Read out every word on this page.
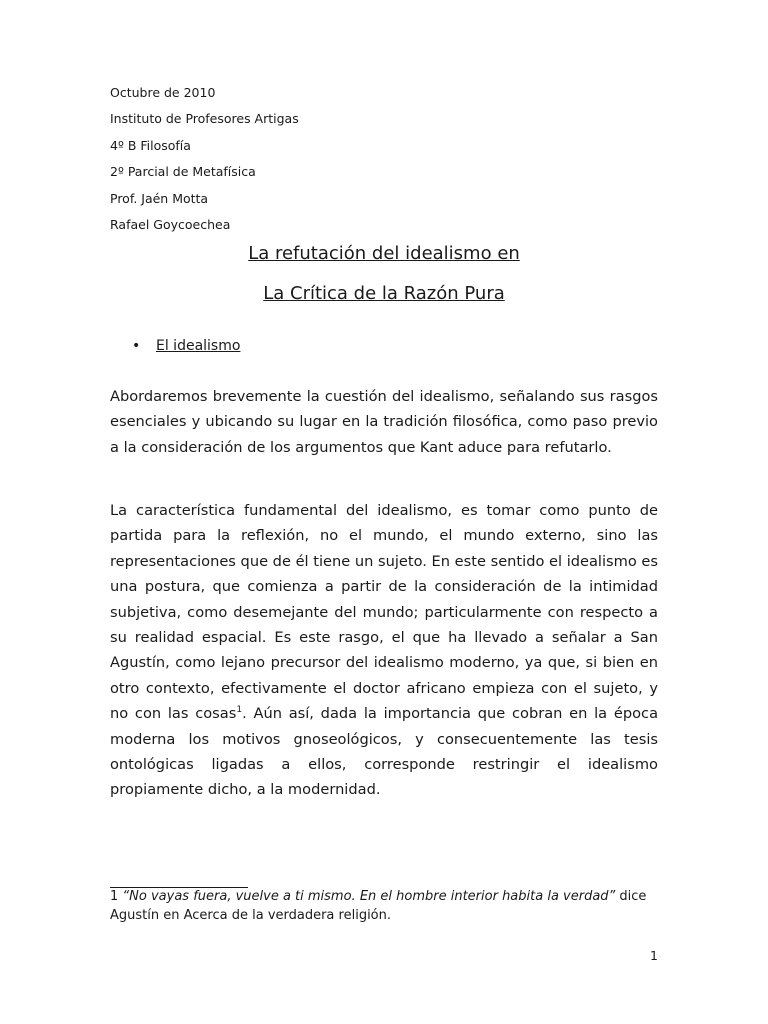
Octubre de 2010
Instituto de Profesores Artigas
4º B Filosofía
2º Parcial de Metafísica
Prof. Jaén Motta
Rafael Goycoechea
La refutación del idealismo en
La Crítica de la Razón Pura
• El idealismo
Abordaremos brevemente la cuestión del idealismo, señalando sus rasgos esenciales y ubicando su lugar en la tradición filosófica, como paso previo a la consideración de los argumentos que Kant aduce para refutarlo.
La característica fundamental del idealismo, es tomar como punto de partida para la reflexión, no el mundo, el mundo externo, sino las representaciones que de él tiene un sujeto. En este sentido el idealismo es una postura, que comienza a partir de la consideración de la intimidad subjetiva, como desemejante del mundo; particularmente con respecto a su realidad espacial. Es este rasgo, el que ha llevado a señalar a San Agustín, como lejano precursor del idealismo moderno, ya que, si bien en otro contexto, efectivamente el doctor africano empieza con el sujeto, y no con las cosas$^1$. Aún así, dada la importancia que cobran en la época moderna los motivos gnoseológicos, y consecuentemente las tesis ontológicas ligadas a ellos, corresponde restringir el idealismo propiamente dicho, a la modernidad.
1 “No vayas fuera, vuelve a ti mismo. En el hombre interior habita la verdad” dice Agustín en Acerca de la verdadera religión.
1
